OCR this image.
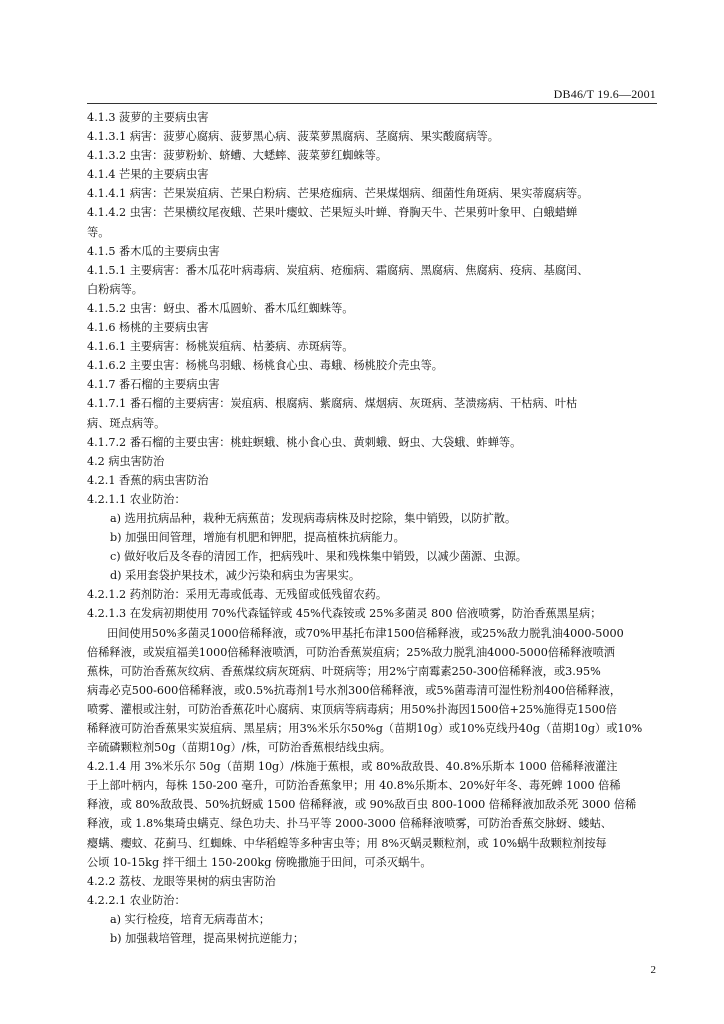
DB46/T 19.6—2001
4.1.3 菠萝的主要病虫害
4.1.3.1 病害：菠萝心腐病、菠萝黑心病、菠菜萝黑腐病、茎腐病、果实酸腐病等。
4.1.3.2 虫害：菠萝粉蚧、蛴螬、大蟋蟀、菠菜萝红蜘蛛等。
4.1.4 芒果的主要病虫害
4.1.4.1 病害：芒果炭疽病、芒果白粉病、芒果疮痂病、芒果煤烟病、细菌性角斑病、果实蒂腐病等。
4.1.4.2 虫害：芒果横纹尾夜蛾、芒果叶瘿蚊、芒果短头叶蝉、脊胸天牛、芒果剪叶象甲、白蛾蜡蝉
等。
4.1.5 番木瓜的主要病虫害
4.1.5.1 主要病害：番木瓜花叶病毒病、炭疽病、疮痂病、霜腐病、黑腐病、焦腐病、疫病、基腐闰、
白粉病等。
4.1.5.2 虫害：蚜虫、番木瓜圆蚧、番木瓜红蜘蛛等。
4.1.6 杨桃的主要病虫害
4.1.6.1 主要病害：杨桃炭疽病、枯萎病、赤斑病等。
4.1.6.2 主要虫害：杨桃鸟羽蛾、杨桃食心虫、毒蛾、杨桃胶介壳虫等。
4.1.7 番石榴的主要病虫害
4.1.7.1 番石榴的主要病害：炭疽病、根腐病、紫腐病、煤烟病、灰斑病、茎溃疡病、干枯病、叶枯
病、斑点病等。
4.1.7.2 番石榴的主要虫害：桃蛀螟蛾、桃小食心虫、黄刺蛾、蚜虫、大袋蛾、蚱蝉等。
4.2 病虫害防治
4.2.1 香蕉的病虫害防治
4.2.1.1 农业防治：
a) 选用抗病品种，栽种无病蕉苗；发现病毒病株及时挖除，集中销毁，以防扩散。
b) 加强田间管理，增施有机肥和钾肥，提高植株抗病能力。
c) 做好收后及冬春的清园工作，把病残叶、果和残株集中销毁，以减少菌源、虫源。
d) 采用套袋护果技术，减少污染和病虫为害果实。
4.2.1.2 药剂防治：采用无毒或低毒、无残留或低残留农药。
4.2.1.3 在发病初期使用 70%代森锰锌或 45%代森铵或 25%多菌灵 800 倍液喷雾，防治香蕉黑星病；
田间使用50%多菌灵1000倍稀释液，或70%甲基托布津1500倍稀释液，或25%敌力脱乳油4000-5000
倍稀释液，或炭疽福美1000倍稀释液喷洒，可防治香蕉炭疽病；25%敌力脱乳油4000-5000倍稀释液喷洒
蕉株，可防治香蕉灰纹病、香蕉煤纹病灰斑病、叶斑病等；用2%宁南霉素250-300倍稀释液，或3.95%
病毒必克500-600倍稀释液，或0.5%抗毒剂1号水剂300倍稀释液，或5%菌毒清可湿性粉剂400倍稀释液，
喷雾、灌根或注射，可防治香蕉花叶心腐病、束顶病等病毒病；用50%扑海因1500倍+25%施得克1500倍
稀释液可防治香蕉果实炭疽病、黑星病；用3%米乐尔50%g（苗期10g）或10%克线丹40g（苗期10g）或10%
辛硫磷颗粒剂50g（苗期10g）/株，可防治香蕉根结线虫病。
4.2.1.4 用 3%米乐尔 50g（苗期 10g）/株施于蕉根，或 80%敌敌畏、40.8%乐斯本 1000 倍稀释液灌注
于上部叶柄内，每株 150-200 毫升，可防治香蕉象甲；用 40.8%乐斯本、20%好年冬、毒死蜱 1000 倍稀
释液，或 80%敌敌畏、50%抗蚜威 1500 倍稀释液，或 90%敌百虫 800-1000 倍稀释液加敌杀死 3000 倍稀
释液，或 1.8%集琦虫螨克、绿色功夫、扑马平等 2000-3000 倍稀释液喷雾，可防治香蕉交脉蚜、蝼蛄、
瘿螨、瘿蚊、花蓟马、红蜘蛛、中华稻蝗等多种害虫等；用 8%灭蜗灵颗粒剂，或 10%蜗牛敌颗粒剂按每
公顷 10-15kg 拌干细土 150-200kg 傍晚撒施于田间，可杀灭蜗牛。
4.2.2 荔枝、龙眼等果树的病虫害防治
4.2.2.1 农业防治：
a) 实行检疫，培育无病毒苗木；
b) 加强栽培管理，提高果树抗逆能力；
2
